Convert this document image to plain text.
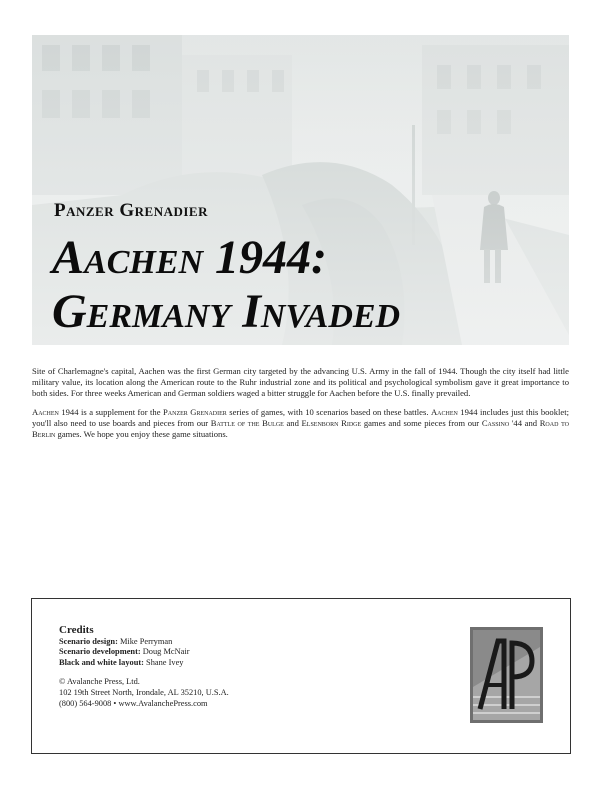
Panzer Grenadier
Aachen 1944:
Germany Invaded

Site of Charlemagne's capital, Aachen was the first German city targeted by the advancing U.S. Army in the fall of 1944. Though the city itself had little military value, its location along the American route to the Ruhr industrial zone and its political and psychological symbolism gave it great importance to both sides. For three weeks American and German soldiers waged a bitter struggle for Aachen before the U.S. finally prevailed.

Aachen 1944 is a supplement for the Panzer Grenadier series of games, with 10 scenarios based on these battles. Aachen 1944 includes just this booklet; you'll also need to use boards and pieces from our Battle of the Bulge and Elsenborn Ridge games and some pieces from our Cassino '44 and Road to Berlin games. We hope you enjoy these game situations.

Credits
Scenario design: Mike Perryman
Scenario development: Doug McNair
Black and white layout: Shane Ivey
© Avalanche Press, Ltd.
102 19th Street North, Irondale, AL 35210, U.S.A.
(800) 564-9008 • www.AvalanchePress.com
